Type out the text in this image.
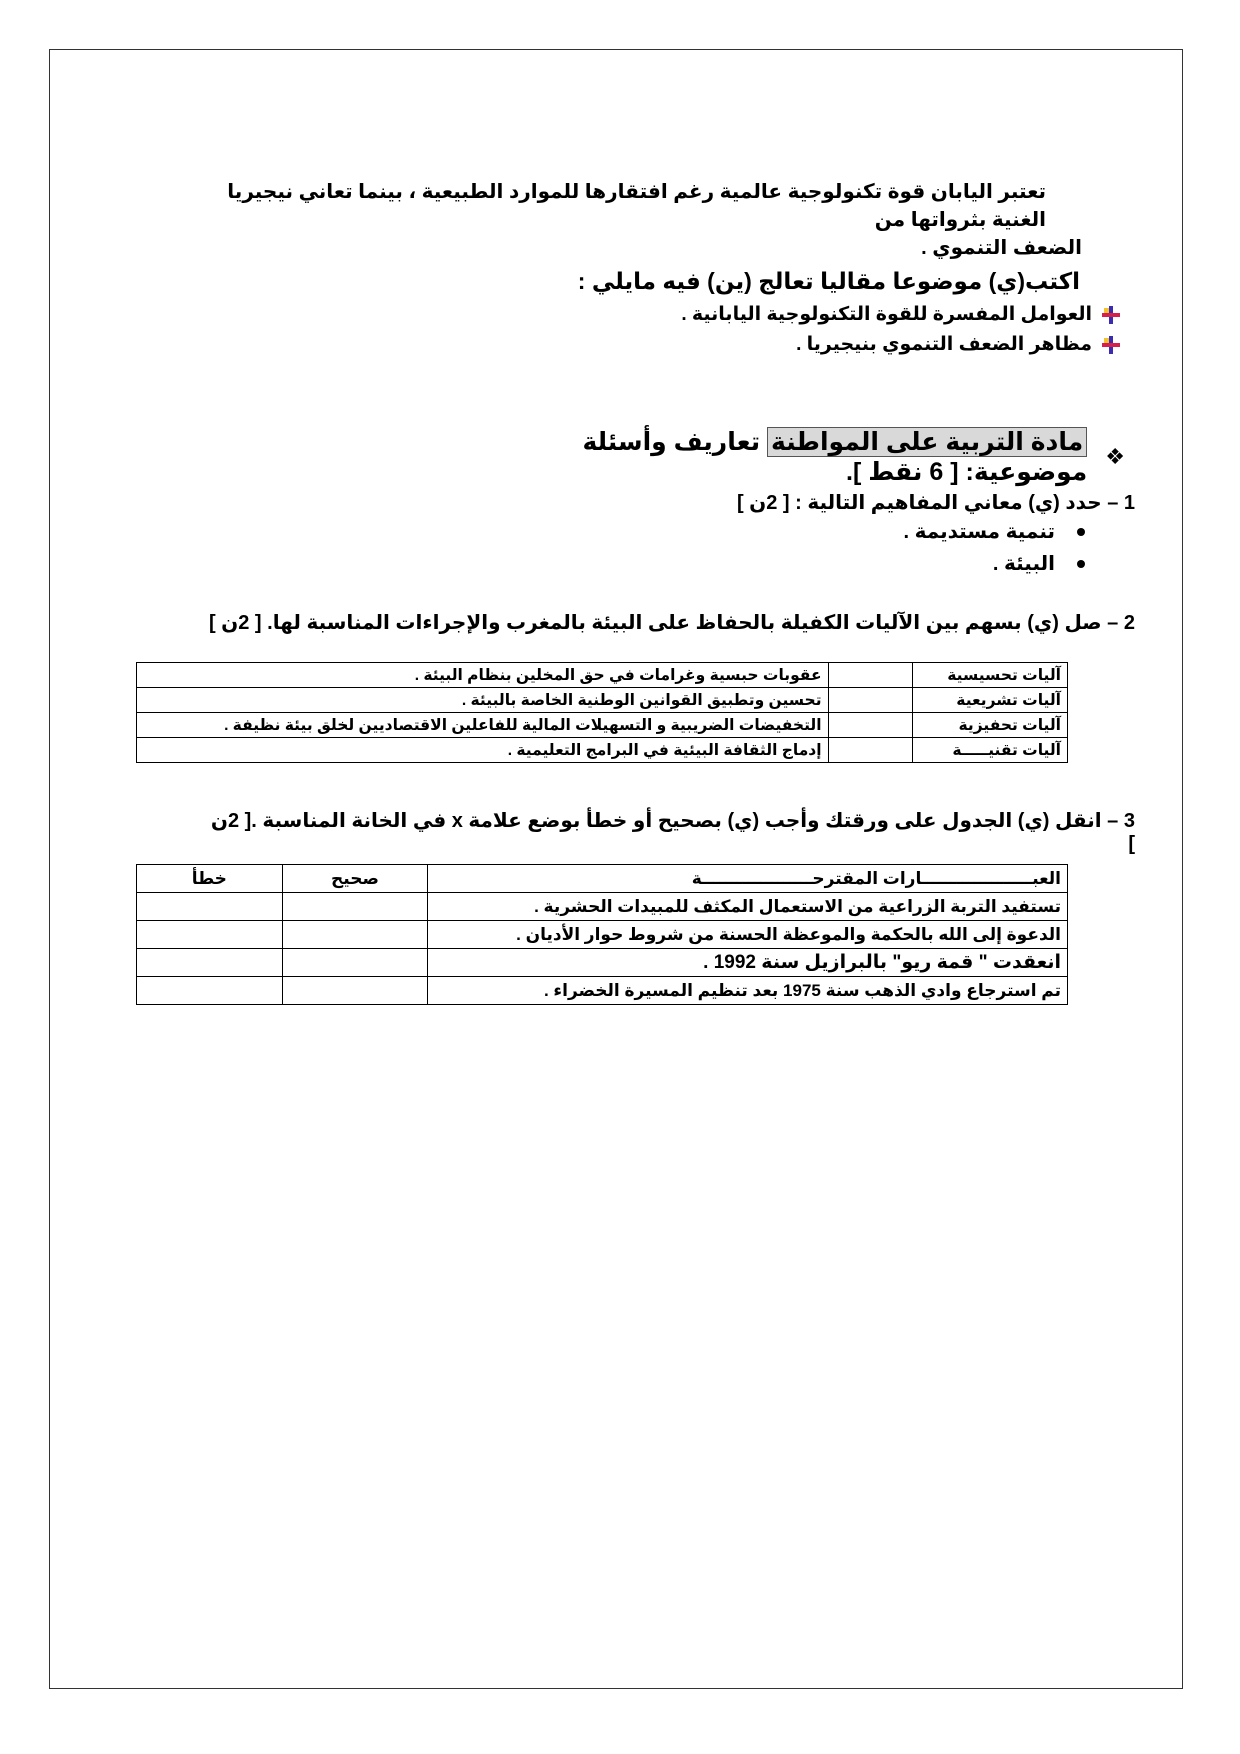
تعتبر اليابان قوة تكنولوجية عالمية رغم افتقارها للموارد الطبيعية ، بينما تعاني نيجيريا الغنية بثرواتها من
الضعف التنموي .
اكتب(ي) موضوعا مقاليا تعالج (ين) فيه مايلي :
العوامل المفسرة للقوة التكنولوجية اليابانية .
مظاهر الضعف التنموي بنيجيريا .
❖
مادة التربية على المواطنة تعاريف وأسئلة موضوعية: [ 6 نقط ].
1 – حدد (ي) معاني المفاهيم التالية : [ 2ن ]
تنمية مستديمة .
البيئة .
2 – صل (ي) بسهم بين الآليات الكفيلة بالحفاظ على البيئة بالمغرب والإجراءات المناسبة لها. [ 2ن ]
آليات تحسيسية		عقوبات حبسية وغرامات في حق المخلين بنظام البيئة .
آليات تشريعية		تحسين وتطبيق القوانين الوطنية الخاصة بالبيئة .
آليات تحفيزية		التخفيضات الضريبية و التسهيلات المالية للفاعلين الاقتصاديين لخلق بيئة نظيفة .
آليات تقنيـــــة		إدماج الثقافة البيئية في البرامج التعليمية .
3 – انقل (ي) الجدول على ورقتك وأجب (ي) بصحيح أو خطأ بوضع علامة x في الخانة المناسبة .[ 2ن ]
العبـــــــــــــــــــارات المقترحـــــــــــــــــــة	صحيح	خطأ
تستفيد التربة الزراعية من الاستعمال المكثف للمبيدات الحشرية .		
الدعوة إلى الله بالحكمة والموعظة الحسنة من شروط حوار الأديان .		
انعقدت " قمة ريو" بالبرازيل سنة 1992 .		
تم استرجاع وادي الذهب سنة 1975 بعد تنظيم المسيرة الخضراء .		
